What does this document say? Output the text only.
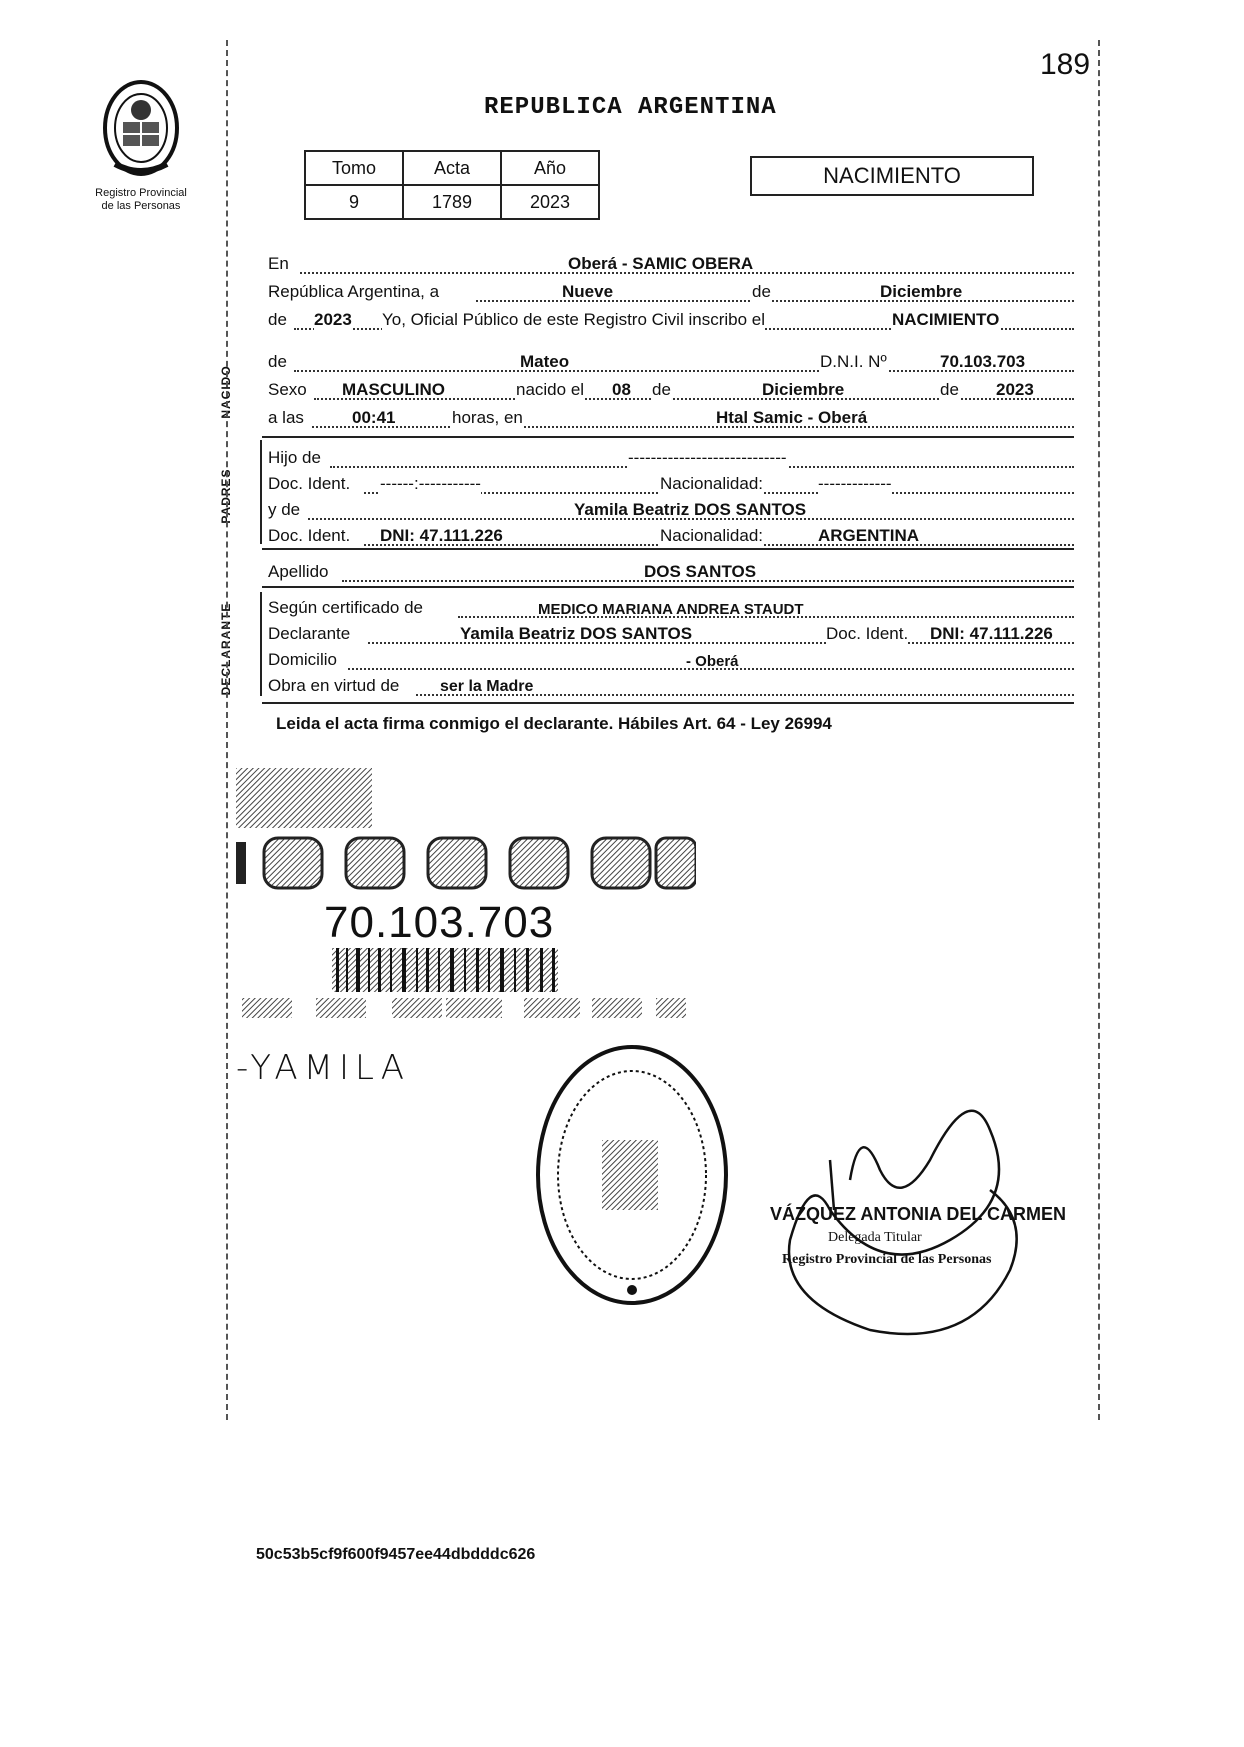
189
Registro Provincial
de las Personas
REPUBLICA ARGENTINA
Tomo	Acta	Año
9	1789	2023
NACIMIENTO
En	Oberá - SAMIC OBERA
República Argentina, a	Nueve	de	Diciembre
de 2023 Yo, Oficial Público de este Registro Civil inscribo el	NACIMIENTO
de	Mateo	D.N.I. Nº	70.103.703
Sexo MASCULINO	nacido el 08 de	Diciembre	de 2023
a las	00:41	horas, en	Htal Samic - Oberá
Hijo de	----------------------------
Doc. Ident. ------:-----------	Nacionalidad:	-------------
y de	Yamila Beatriz DOS SANTOS
Doc. Ident. DNI: 47.111.226	Nacionalidad:	ARGENTINA
Apellido	DOS SANTOS
Según certificado de	MEDICO MARIANA ANDREA STAUDT
Declarante	Yamila Beatriz DOS SANTOS	Doc. Ident. DNI: 47.111.226
Domicilio	- Oberá
Obra en virtud de	ser la Madre
NACIDO
PADRES
DECLARANTE
Leida el acta firma conmigo el declarante. Hábiles Art. 64 - Ley 26994
70.103.703
-YAMILA
VÁZQUEZ ANTONIA DEL CARMEN
Delegada Titular
Registro Provincial de las Personas
50c53b5cf9f600f9457ee44dbdddc626
